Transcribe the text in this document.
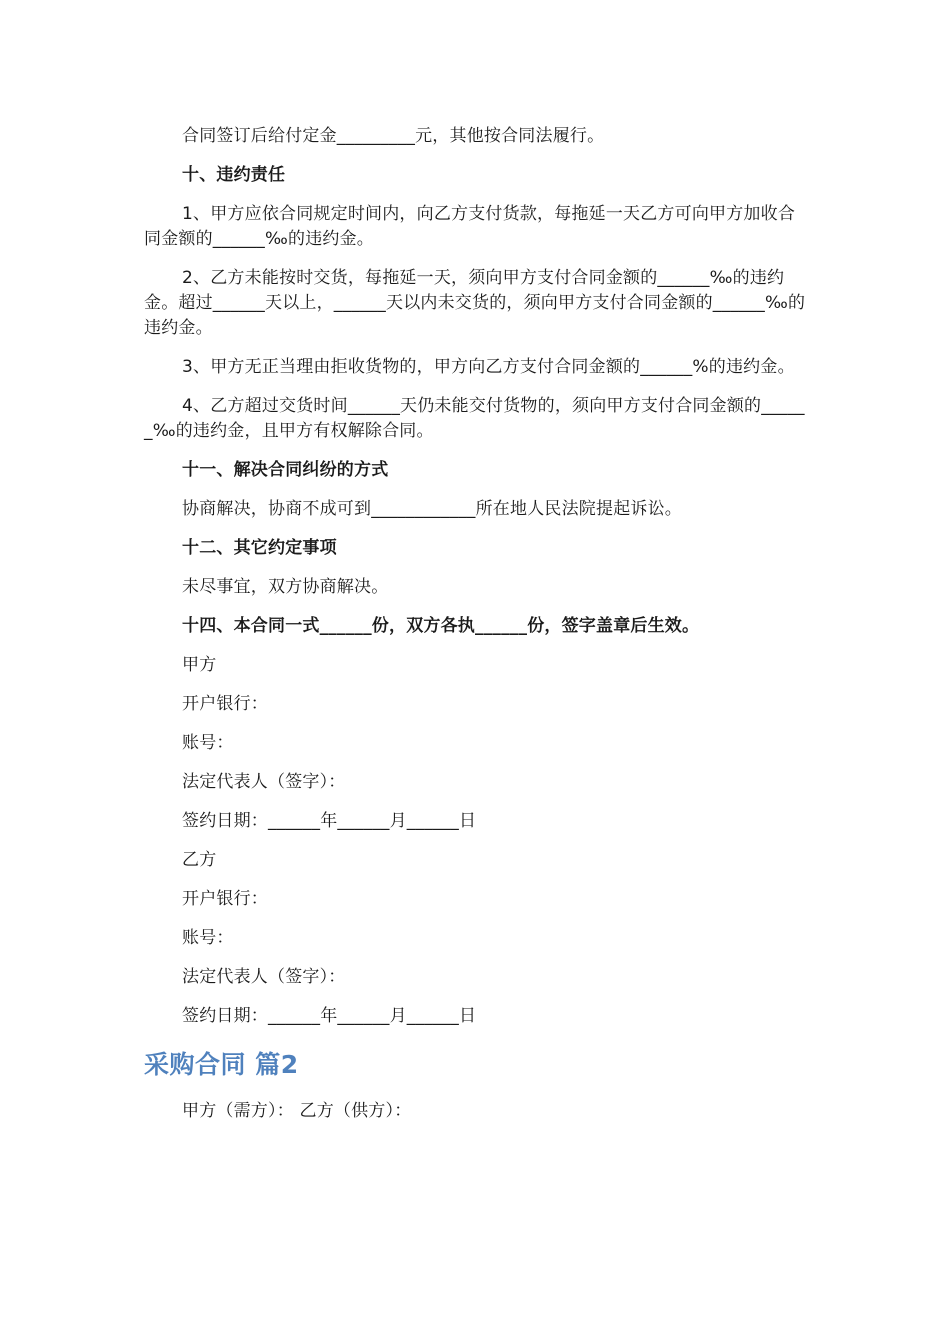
合同签订后给付定金_________元，其他按合同法履行。

十、违约责任

1、甲方应依合同规定时间内，向乙方支付货款，每拖延一天乙方可向甲方加收合同金额的______‰的违约金。

2、乙方未能按时交货，每拖延一天，须向甲方支付合同金额的______‰的违约金。超过______天以上，______天以内未交货的，须向甲方支付合同金额的______‰的违约金。

3、甲方无正当理由拒收货物的，甲方向乙方支付合同金额的______%的违约金。

4、乙方超过交货时间______天仍未能交付货物的，须向甲方支付合同金额的______‰的违约金，且甲方有权解除合同。

十一、解决合同纠纷的方式

协商解决，协商不成可到____________所在地人民法院提起诉讼。

十二、其它约定事项

未尽事宜，双方协商解决。

十四、本合同一式______份，双方各执______份，签字盖章后生效。

甲方

开户银行：

账号：

法定代表人（签字）：

签约日期：______年______月______日

乙方

开户银行：

账号：

法定代表人（签字）：

签约日期：______年______月______日

采购合同 篇2

甲方（需方）： 乙方（供方）：
